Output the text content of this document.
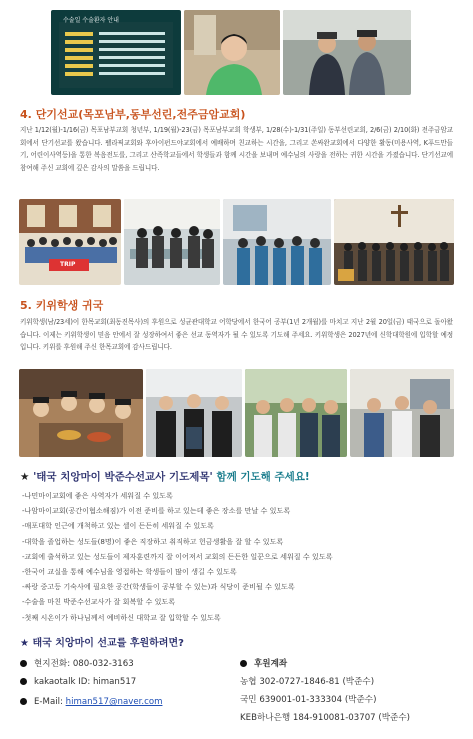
수술일 수술환자 안내
4. 단기선교(목포남부,동부선린,전주금암교회)
지난 1/12(월)-1/16(금) 목포남부교회 청년부, 1/19(월)-23(금) 목포남부교회 학생부, 1/28(수)-1/31(주일) 동부선린교회, 2/6(금) 2/10(화) 전주금암교회에서 단기선교를 왔습니다. 펠라픽교회와 후아이펀드야교회에서 예배하며 친교하는 시간을, 그리고 쏜싸완교회에서 다양한 활동(미용사역, K푸드만들기, 어린이사역등)을 통한 복음전도를, 그리고 산족학교들에서 학생들과 함께 시간을 보내며 예수님의 사랑을 전하는 귀한 시간을 가졌습니다. 단기선교에 참여해 주신 교회에 깊은 감사의 말씀을 드립니다.
TRIP
5. 키위학생 귀국
키위학생(남/23세)이 한목교회(최동진목사)의 후원으로 성균관대학교 어학당에서 한국어 공부(1년 2개월)를 마치고 지난 2월 20일(금) 태국으로 돌아왔습니다. 이제는 키위학생이 믿음 안에서 잘 성장하여서 좋은 선교 동역자가 될 수 있도록 기도해 주세요. 키위학생은 2027년에 신학대학원에 입학할 예정입니다. 키위를 후원해 주신 한목교회에 감사드립니다.
★ '태국 치앙마이 박준수선교사 기도제목' 함께 기도해 주세요!
-나민마이교회에 좋은 사역자가 세워질 수 있도록
-나암마이교회(공간이협소해짐)가 이전 준비를 하고 있는데 좋은 장소를 만날 수 있도록
-매포대학 인근에 개척하고 있는 셀이 든든히 세워질 수 있도록
-대학을 졸업하는 성도들(8명)이 좋은 직장하고 취직하고 헌금생활을 잘 할 수 있도록
-교회에 출석하고 있는 성도들이 제자훈련까지 잘 이어져서 교회의 든든한 일꾼으로 세워질 수 있도록
-한국어 교실을 통해 예수님을 영접하는 학생들이 많이 생길 수 있도록
-싸랑 중고등 기숙사에 필요한 공간(학생들이 공부할 수 있는)과 식당이 준비될 수 있도록
-수술을 마친 박준수선교사가 잘 회복할 수 있도록
-첫째 시온이가 하나님께서 예비하신 대학교 잘 입학할 수 있도록
★ 태국 치앙마이 선교를 후원하려면?
현지전화: 080-032-3163
kakaotalk ID: himan517
E-Mail: himan517@naver.com
후원계좌
농협 302-0727-1846-81 (박준수)
국민 639001-01-333304 (박준수)
KEB하나은행 184-910081-03707 (박준수)
